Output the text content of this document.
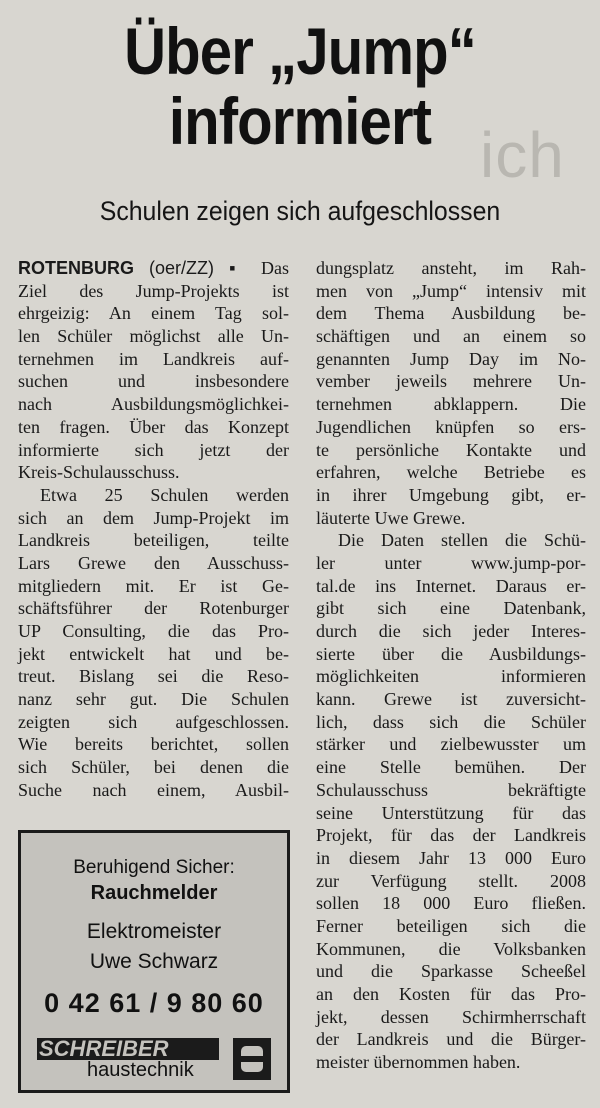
ich
Über „Jump“
informiert
Schulen zeigen sich aufgeschlossen
ROTENBURG (oer/ZZ) ▪ Das
Ziel des Jump-Projekts ist
ehrgeizig: An einem Tag sol-
len Schüler möglichst alle Un-
ternehmen im Landkreis auf-
suchen und insbesondere
nach Ausbildungsmöglichkei-
ten fragen. Über das Konzept
informierte sich jetzt der
Kreis-Schulausschuss.
Etwa 25 Schulen werden
sich an dem Jump-Projekt im
Landkreis beteiligen, teilte
Lars Grewe den Ausschuss-
mitgliedern mit. Er ist Ge-
schäftsführer der Rotenburger
UP Consulting, die das Pro-
jekt entwickelt hat und be-
treut. Bislang sei die Reso-
nanz sehr gut. Die Schulen
zeigten sich aufgeschlossen.
Wie bereits berichtet, sollen
sich Schüler, bei denen die
Suche nach einem, Ausbil-
dungsplatz ansteht, im Rah-
men von „Jump“ intensiv mit
dem Thema Ausbildung be-
schäftigen und an einem so
genannten Jump Day im No-
vember jeweils mehrere Un-
ternehmen abklappern. Die
Jugendlichen knüpfen so ers-
te persönliche Kontakte und
erfahren, welche Betriebe es
in ihrer Umgebung gibt, er-
läuterte Uwe Grewe.
Die Daten stellen die Schü-
ler unter www.jump-por-
tal.de ins Internet. Daraus er-
gibt sich eine Datenbank,
durch die sich jeder Interes-
sierte über die Ausbildungs-
möglichkeiten informieren
kann. Grewe ist zuversicht-
lich, dass sich die Schüler
stärker und zielbewusster um
eine Stelle bemühen. Der
Schulausschuss bekräftigte
seine Unterstützung für das
Projekt, für das der Landkreis
in diesem Jahr 13 000 Euro
zur Verfügung stellt. 2008
sollen 18 000 Euro fließen.
Ferner beteiligen sich die
Kommunen, die Volksbanken
und die Sparkasse Scheeßel
an den Kosten für das Pro-
jekt, dessen Schirmherrschaft
der Landkreis und die Bürger-
meister übernommen haben.
Beruhigend Sicher:
Rauchmelder
Elektromeister
Uwe Schwarz
0 42 61 / 9 80 60
SCHREIBER
haustechnik
